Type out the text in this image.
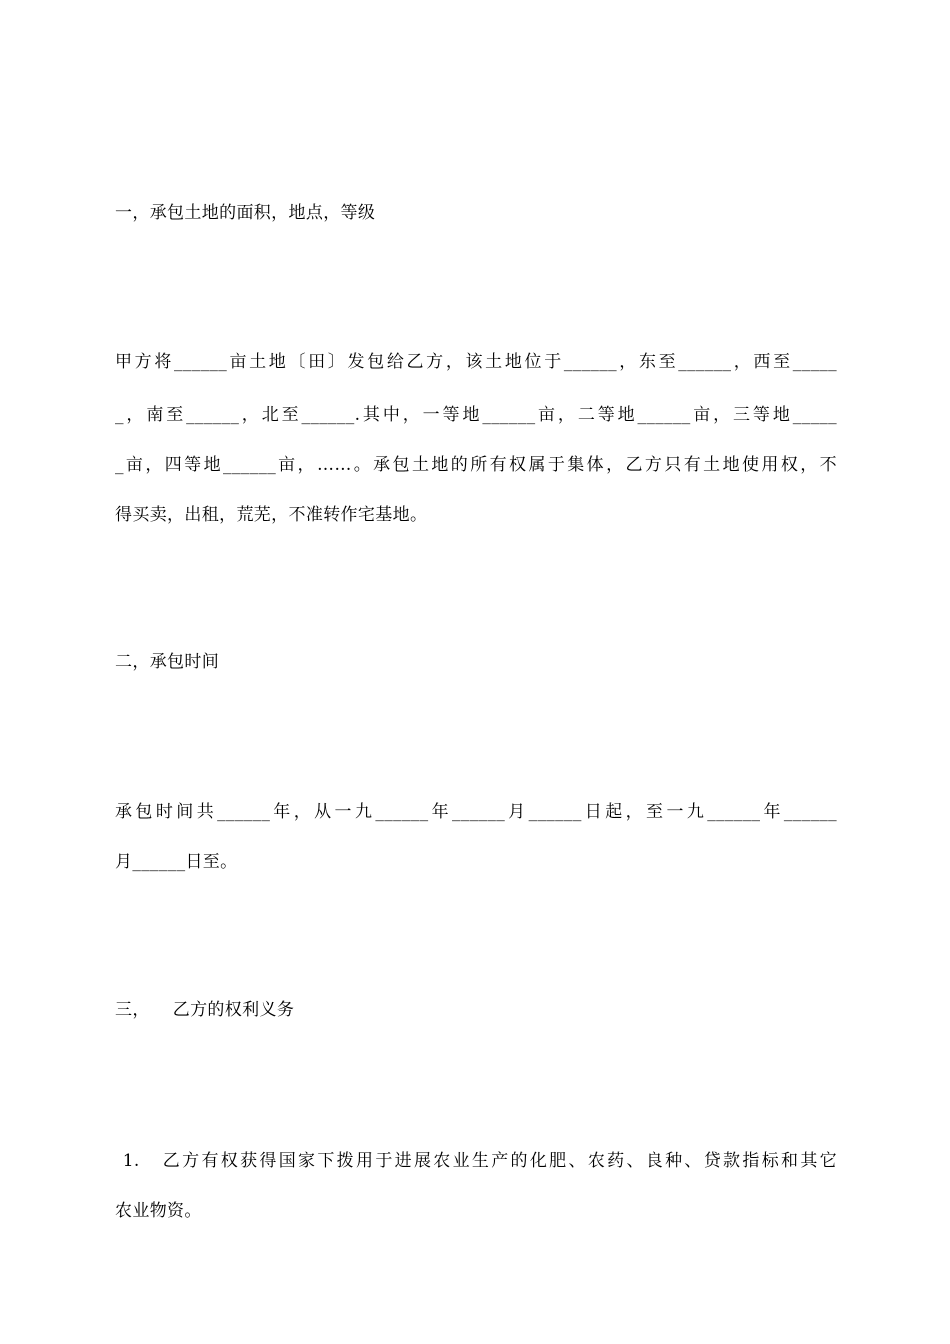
一，承包土地的面积，地点，等级
甲方将______亩土地〔田〕发包给乙方，该土地位于______，东至______，西至_____
_，南至______，北至______.其中，一等地______亩，二等地______亩，三等地_____
_亩，四等地______亩，……。承包土地的所有权属于集体，乙方只有土地使用权，不
得买卖，出租，荒芜，不准转作宅基地。
二，承包时间
承包时间共______年，从一九______年______月______日起，至一九______年______
月______日至。
三，    乙方的权利义务
1.   乙方有权获得国家下拨用于进展农业生产的化肥、农药、良种、贷款指标和其它
农业物资。
